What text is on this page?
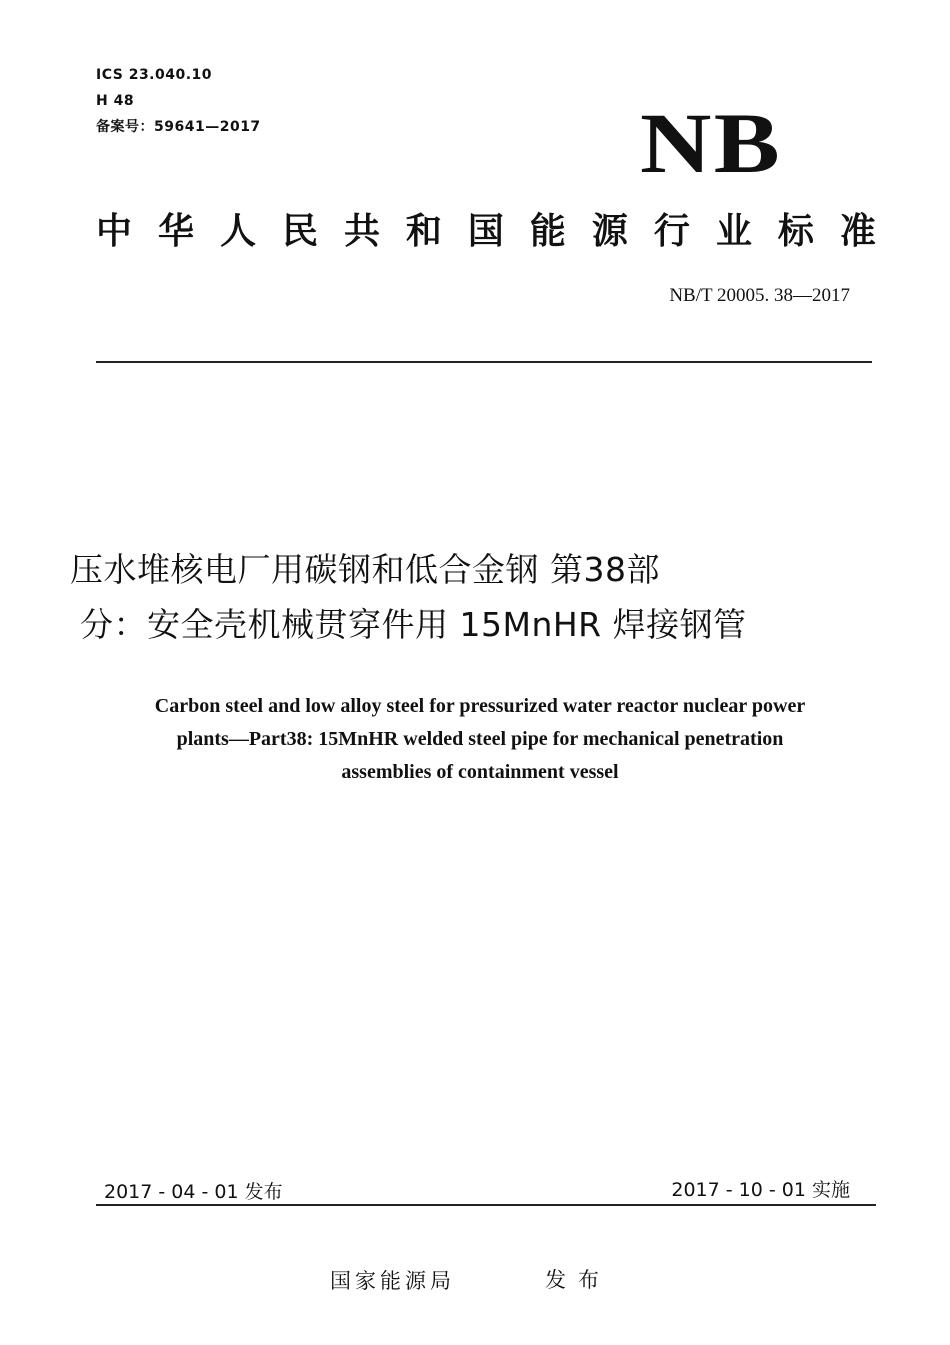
ICS 23.040.10
H 48
备案号：59641—2017	NB
中 华 人 民 共 和 国 能 源 行 业 标 准
NB/T 20005. 38—2017
压水堆核电厂用碳钢和低合金钢 第38部
分：安全壳机械贯穿件用 15MnHR 焊接钢管
Carbon steel and low alloy steel for pressurized water reactor nuclear power
plants—Part38: 15MnHR welded steel pipe for mechanical penetration
assemblies of containment vessel
2017 - 04 - 01 发布	2017 - 10 - 01 实施
国家能源局	发布
